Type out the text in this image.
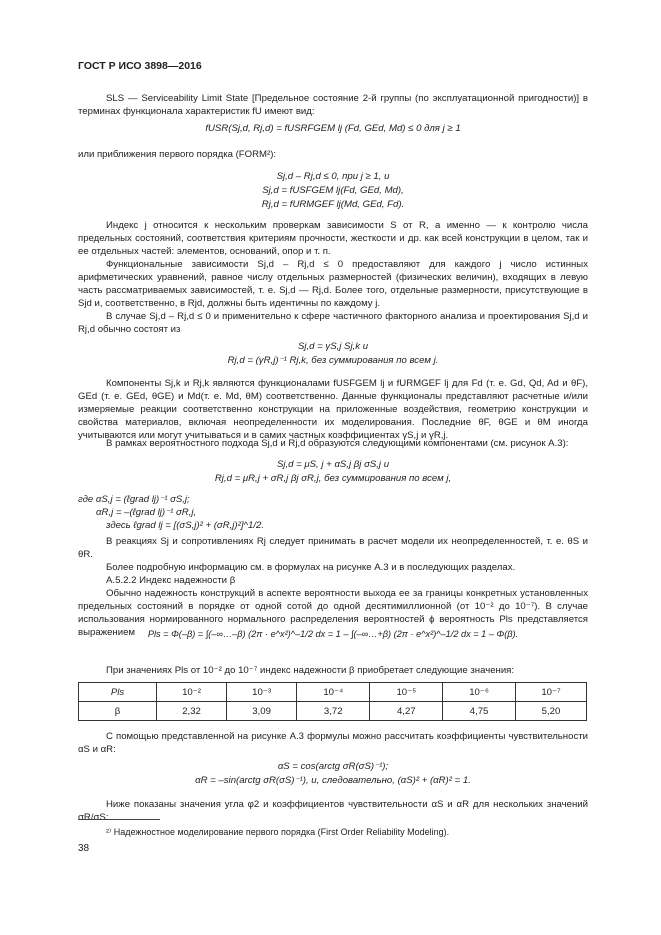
ГОСТ Р ИСО 3898—2016

SLS — Serviceability Limit State [Предельное состояние 2-й группы (по эксплуатационной пригодности)] в терминах функционала характеристик fU имеют вид:

fUSR(Sj,d, Rj,d) = fUSRFGEM lj (Fd, GEd, Md) ≤ 0 для j ≥ 1

или приближения первого порядка (FORM²):

Sj,d – Rj,d ≤ 0, при j ≥ 1, и
Sj,d = fUSFGEM lj(Fd, GEd, Md),
Rj,d = fURMGEF lj(Md, GEd, Fd).

Индекс j относится к нескольким проверкам зависимости S от R, а именно — к контролю числа предельных состояний, соответствия критериям прочности, жесткости и др. как всей конструкции в целом, так и ее отдельных частей: элементов, оснований, опор и т. п.

Функциональные зависимости Sj,d – Rj,d ≤ 0 предоставляют для каждого j число истинных арифметических уравнений, равное числу отдельных размерностей (физических величин), входящих в левую часть рассматриваемых зависимостей, т. е. Sj,d — Rj,d. Более того, отдельные размерности, присутствующие в Sjd и, соответственно, в Rjd, должны быть идентичны по каждому j.

В случае Sj,d – Rj,d ≤ 0 и применительно к сфере частичного факторного анализа и проектирования Sj,d и Rj,d обычно состоят из

Sj,d = γS,j Sj,k и
Rj,d = (γR,j)⁻¹ Rj,k, без суммирования по всем j.

Компоненты Sj,k и Rj,k являются функционалами fUSFGEM lj и fURMGEF lj для Fd (т. е. Gd, Qd, Ad и θF), GEd (т. е. GEd, θGE) и Md(т. е. Md, θM) соответственно. Данные функционалы представляют расчетные и/или измеряемые реакции соответственно конструкции на приложенные воздействия, геометрию конструкции и свойства материалов, включая неопределенности их моделирования. Последние θF, θGE и θM иногда учитываются или могут учитываться и в самих частных коэффициентах γS,j и γR,j.

В рамках вероятностного подхода Sj,d и Rj,d образуются следующими компонентами (см. рисунок А.3):

Sj,d = μS, j + αS,j βj σS,j и
Rj,d = μR,j + σR,j βj σR,j, без суммирования по всем j,

где αS,j = (ℓgrad lj)⁻¹ σS,j;

αR,j = –(ℓgrad lj)⁻¹ σR,j,

здесь ℓgrad lj = [(σS,j)² + (σR,j)²]^1/2.

В реакциях Sj и сопротивлениях Rj следует принимать в расчет модели их неопределенностей, т. е. θS и θR.

Более подробную информацию см. в формулах на рисунке А.3 и в последующих разделах.

А.5.2.2 Индекс надежности β

Обычно надежность конструкций в аспекте вероятности выхода ее за границы конкретных установленных предельных состояний в порядке от одной сотой до одной десятимиллионной (от 10⁻² до 10⁻⁷). В случае использования нормированного нормального распределения вероятностей ϕ вероятность Pls представляется выражением	Pls = Φ(–β) = ∫(–∞…–β) (2π · e^x²)^–1/2 dx = 1 – ∫(–∞…+β) (2π · e^x²)^–1/2 dx = 1 – Φ(β).

При значениях Pls от 10⁻² до 10⁻⁷ индекс надежности β приобретает следующие значения:

Pls	10⁻²	10⁻³	10⁻⁴	10⁻⁵	10⁻⁶	10⁻⁷
β	2,32	3,09	3,72	4,27	4,75	5,20

С помощью представленной на рисунке А.3 формулы можно рассчитать коэффициенты чувствительности αS и αR:

αS = cos(arctg σR(σS)⁻¹);
αR = –sin(arctg σR(σS)⁻¹), и, следовательно, (αS)² + (αR)² = 1.

Ниже показаны значения угла φ2 и коэффициентов чувствительности αS и αR для нескольких значений σR/σS:

²⁾ Надежностное моделирование первого порядка (First Order Reliability Modeling).

38
